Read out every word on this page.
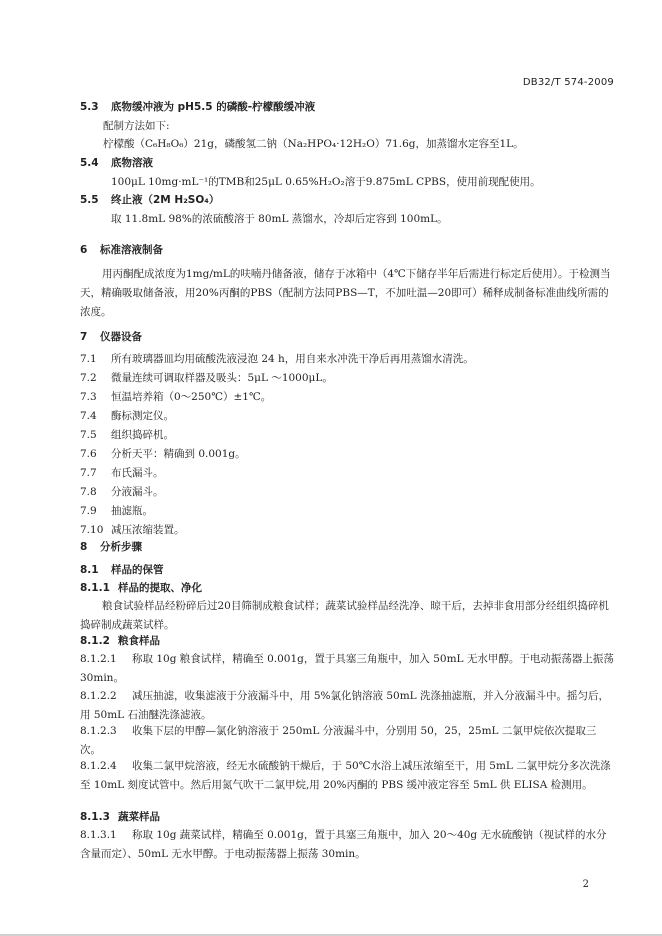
DB32/T 574-2009
5.3 底物缓冲液为 pH5.5 的磷酸-柠檬酸缓冲液
配制方法如下:
柠檬酸（C₆H₈O₆）21g，磷酸氢二钠（Na₂HPO₄·12H₂O）71.6g，加蒸馏水定容至1L。
5.4 底物溶液
100μL 10mg·mL⁻¹的TMB和25μL 0.65%H₂O₂溶于9.875mL CPBS，使用前现配使用。
5.5 终止液（2M H₂SO₄）
取 11.8mL 98%的浓硫酸溶于 80mL 蒸馏水，冷却后定容到 100mL。
6 标准溶液制备
用丙酮配成浓度为1mg/mL的呋喃丹储备液，储存于冰箱中（4℃下储存半年后需进行标定后使用）。于检测当天，精确吸取储备液，用20%丙酮的PBS（配制方法同PBS—T，不加吐温—20即可）稀释成制备标准曲线所需的浓度。
7 仪器设备
7.1 所有玻璃器皿均用硫酸洗液浸泡 24 h，用自来水冲洗干净后再用蒸馏水清洗。
7.2 微量连续可调取样器及吸头：5μL ～1000μL。
7.3 恒温培养箱（0～250℃）±1℃。
7.4 酶标测定仪。
7.5 组织捣碎机。
7.6 分析天平：精确到 0.001g。
7.7 布氏漏斗。
7.8 分液漏斗。
7.9 抽滤瓶。
7.10 减压浓缩装置。
8 分析步骤
8.1 样品的保管
8.1.1 样品的提取、净化
粮食试验样品经粉碎后过20目筛制成粮食试样；蔬菜试验样品经洗净、晾干后，去掉非食用部分经组织捣碎机捣碎制成蔬菜试样。
8.1.2 粮食样品
8.1.2.1 称取 10g 粮食试样，精确至 0.001g，置于具塞三角瓶中，加入 50mL 无水甲醇。于电动振荡器上振荡 30min。
8.1.2.2 减压抽滤，收集滤液于分液漏斗中，用 5%氯化钠溶液 50mL 洗涤抽滤瓶，并入分液漏斗中。摇匀后，用 50mL 石油醚洗涤滤液。
8.1.2.3 收集下层的甲醇—氯化钠溶液于 250mL 分液漏斗中，分别用 50，25，25mL 二氯甲烷依次提取三次。
8.1.2.4 收集二氯甲烷溶液，经无水硫酸钠干燥后，于 50℃水浴上减压浓缩至干，用 5mL 二氯甲烷分多次洗涤至 10mL 刻度试管中。然后用氮气吹干二氯甲烷,用 20%丙酮的 PBS 缓冲液定容至 5mL 供 ELISA 检测用。
8.1.3 蔬菜样品
8.1.3.1 称取 10g 蔬菜试样，精确至 0.001g，置于具塞三角瓶中，加入 20～40g 无水硫酸钠（视试样的水分含量而定）、50mL 无水甲醇。于电动振荡器上振荡 30min。
2
